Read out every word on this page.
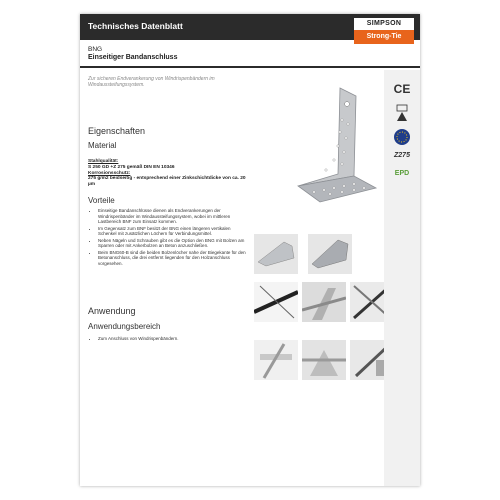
Technisches Datenblatt	SIMPSON
Strong-Tie
BNG
Einseitiger Bandanschluss
Zur sicheren Endverankerung von Windrispenbändern im Windaussteifungssystem.
Eigenschaften
Material
Stahlqualität:
S 250 GD +Z 275 gemäß DIN EN 10346
Korrosionsschutz:
275 g/m2 beidseitig - entsprechend einer Zinkschichtdicke von ca. 20 µm
Vorteile
• Einseitige Bandanschlüsse dienen als Endverankerungen der Windrispenbänder im Windaussteifungssystem, wobei im mittleren Lastbereich BNF zum Einsatz kommen.
• Im Gegensatz zum BNF besitzt der BNG einen längeren vertikalen Schenkel mit zusätzlichen Löchern für Verbindungsmittel.
• Neben Nägeln und Schrauben gibt es die Option den BNG mit Bolzen am Sparren oder mit Ankerbolzen an Beton anzuschließen.
• Beim BNG60-B sind die beiden Bolzenlöcher nahe der Biegekante für den Betonanschluss, die drei entfernt liegenden für den Holzanschluss vorgesehen.
Anwendung
Anwendungsbereich
• Zum Anschluss von Windrispenbändern.
CE
Z275
EPD
